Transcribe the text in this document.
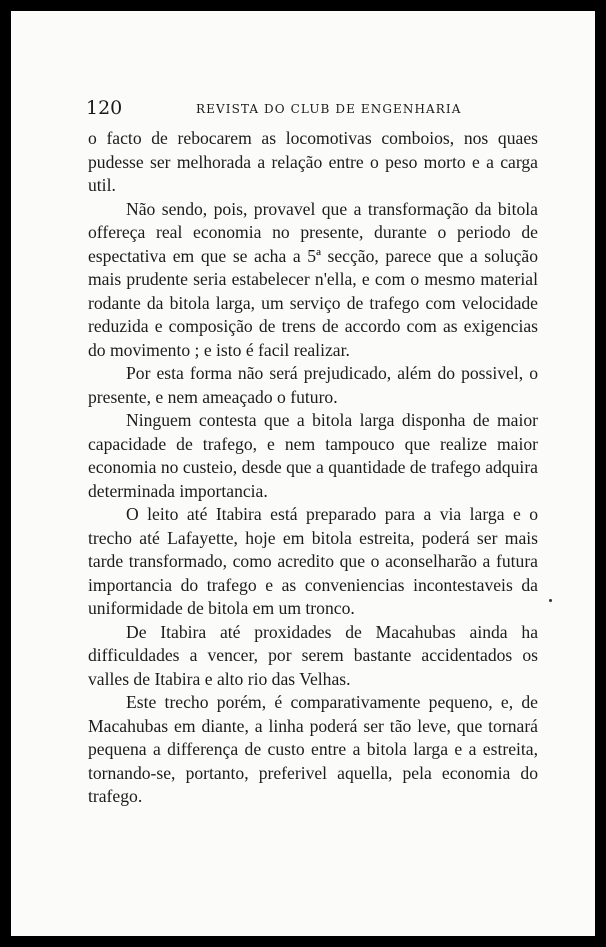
120	REVISTA DO CLUB DE ENGENHARIA

o facto de rebocarem as locomotivas comboios, nos quaes pudesse ser melhorada a relação entre o peso morto e a carga util.

Não sendo, pois, provavel que a transformação da bitola offereça real economia no presente, durante o periodo de espectativa em que se acha a 5ª secção, parece que a solução mais prudente seria estabelecer n'ella, e com o mesmo material rodante da bitola larga, um serviço de trafego com velocidade reduzida e composição de trens de accordo com as exigencias do movimento ; e isto é facil realizar.

Por esta forma não será prejudicado, além do possivel, o presente, e nem ameaçado o futuro.

Ninguem contesta que a bitola larga disponha de maior capacidade de trafego, e nem tampouco que realize maior economia no custeio, desde que a quantidade de trafego adquira determinada importancia.

O leito até Itabira está preparado para a via larga e o trecho até Lafayette, hoje em bitola estreita, poderá ser mais tarde transformado, como acredito que o aconselharão a futura importancia do trafego e as conveniencias incontestaveis da uniformidade de bitola em um tronco.

De Itabira até proxidades de Macahubas ainda ha difficuldades a vencer, por serem bastante accidentados os valles de Itabira e alto rio das Velhas.

Este trecho porém, é comparativamente pequeno, e, de Macahubas em diante, a linha poderá ser tão leve, que tornará pequena a differença de custo entre a bitola larga e a estreita, tornando-se, portanto, preferivel aquella, pela economia do trafego.
